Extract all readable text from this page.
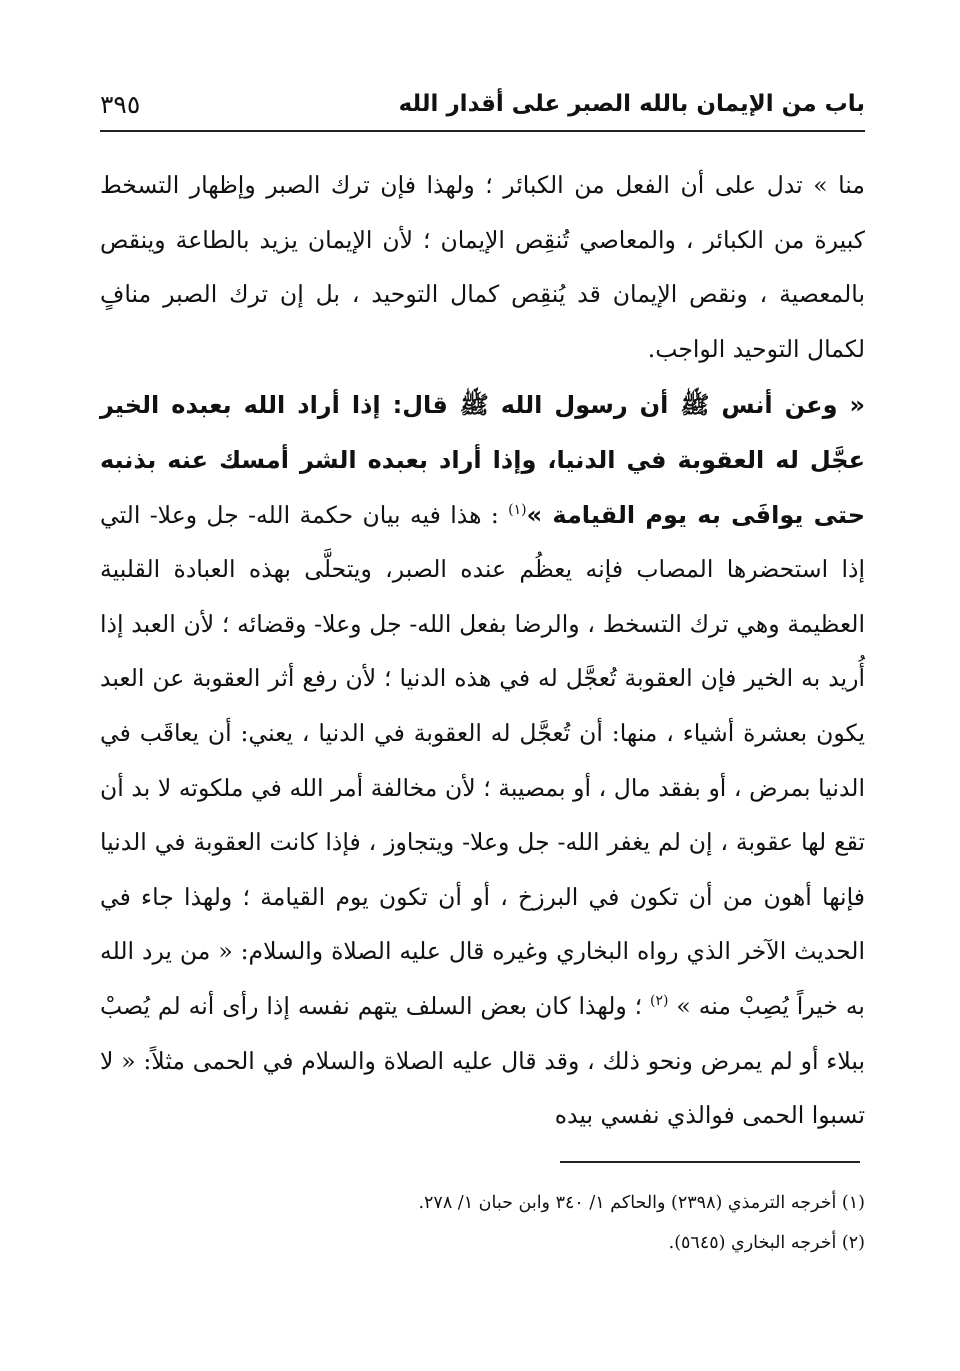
باب من الإيمان بالله الصبر على أقدار الله
٣٩٥

منا » تدل على أن الفعل من الكبائر ؛ ولهذا فإن ترك الصبر وإظهار التسخط كبيرة من الكبائر ، والمعاصي تُنقِص الإيمان ؛ لأن الإيمان يزيد بالطاعة وينقص بالمعصية ، ونقص الإيمان قد يُنقِص كمال التوحيد ، بل إن ترك الصبر منافٍ لكمال التوحيد الواجب.

« وعن أنس ﷺ أن رسول الله ﷺ قال: إذا أراد الله بعبده الخير عجَّل له العقوبة في الدنيا، وإذا أراد بعبده الشر أمسك عنه بذنبه حتى يوافَى به يوم القيامة »$^{(١)}$ : هذا فيه بيان حكمة الله- جل وعلا- التي إذا استحضرها المصاب فإنه يعظُم عنده الصبر، ويتحلَّى بهذه العبادة القلبية العظيمة وهي ترك التسخط ، والرضا بفعل الله- جل وعلا- وقضائه ؛ لأن العبد إذا أُريد به الخير فإن العقوبة تُعجَّل له في هذه الدنيا ؛ لأن رفع أثر العقوبة عن العبد يكون بعشرة أشياء ، منها: أن تُعجَّل له العقوبة في الدنيا ، يعني: أن يعاقَب في الدنيا بمرض ، أو بفقد مال ، أو بمصيبة ؛ لأن مخالفة أمر الله في ملكوته لا بد أن تقع لها عقوبة ، إن لم يغفر الله- جل وعلا- ويتجاوز ، فإذا كانت العقوبة في الدنيا فإنها أهون من أن تكون في البرزخ ، أو أن تكون يوم القيامة ؛ ولهذا جاء في الحديث الآخر الذي رواه البخاري وغيره قال عليه الصلاة والسلام: « من يرد الله به خيراً يُصِبْ منه » $^{(٢)}$ ؛ ولهذا كان بعض السلف يتهم نفسه إذا رأى أنه لم يُصبْ ببلاء أو لم يمرض ونحو ذلك ، وقد قال عليه الصلاة والسلام في الحمى مثلاً: « لا تسبوا الحمى فوالذي نفسي بيده

(١) أخرجه الترمذي (٢٣٩٨) والحاكم ١/ ٣٤٠ وابن حبان ١/ ٢٧٨.
(٢) أخرجه البخاري (٥٦٤٥).
